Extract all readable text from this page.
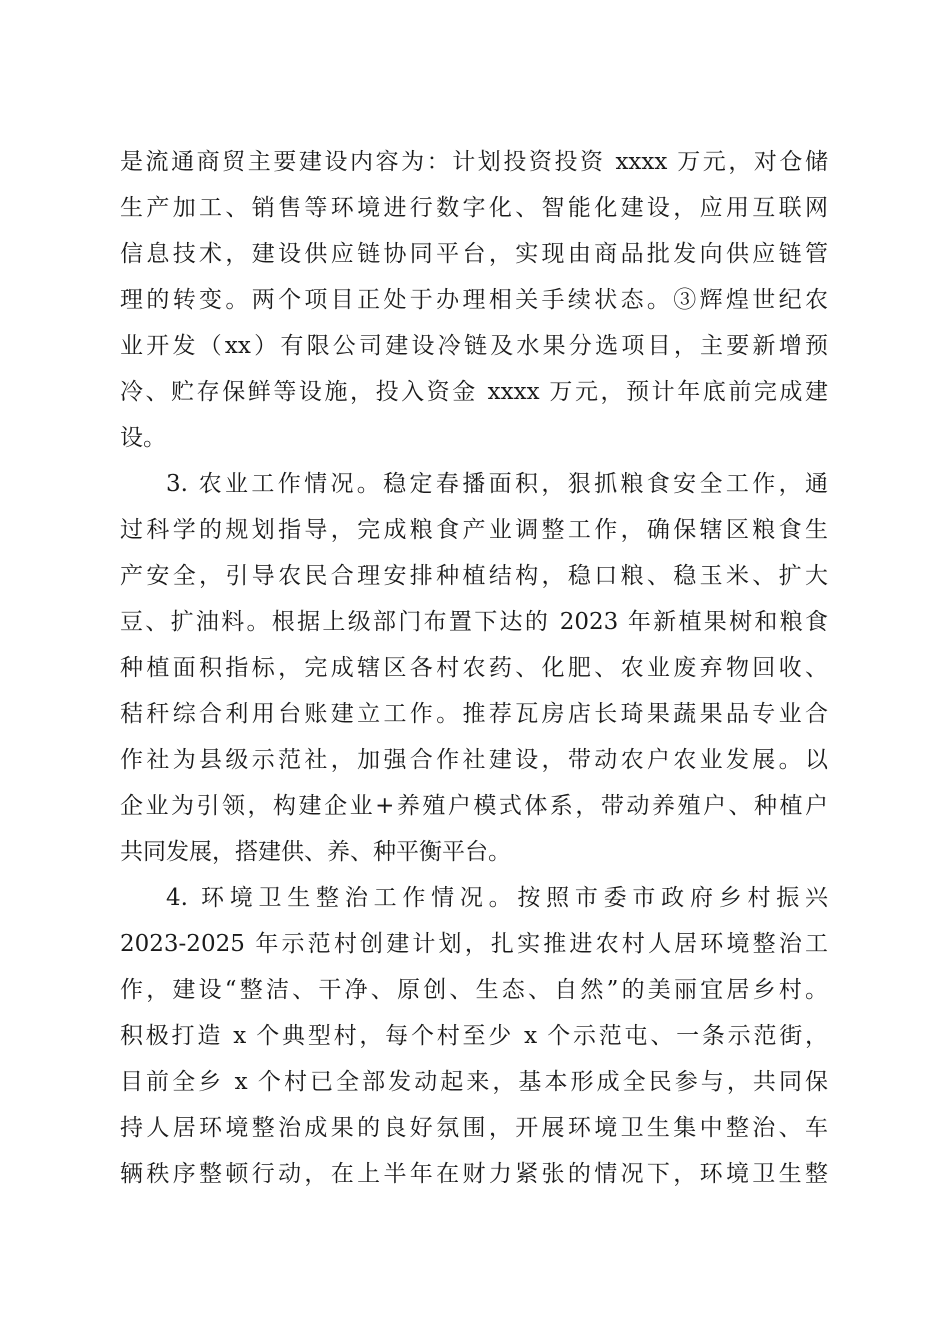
是流通商贸主要建设内容为：计划投资投资 xxxx 万元，对仓储
生产加工、销售等环境进行数字化、智能化建设，应用互联网
信息技术，建设供应链协同平台，实现由商品批发向供应链管
理的转变。两个项目正处于办理相关手续状态。③辉煌世纪农
业开发（xx）有限公司建设冷链及水果分选项目，主要新增预
冷、贮存保鲜等设施，投入资金 xxxx 万元，预计年底前完成建
设。
3. 农业工作情况。稳定春播面积，狠抓粮食安全工作，通
过科学的规划指导，完成粮食产业调整工作，确保辖区粮食生
产安全，引导农民合理安排种植结构，稳口粮、稳玉米、扩大
豆、扩油料。根据上级部门布置下达的 2023 年新植果树和粮食
种植面积指标，完成辖区各村农药、化肥、农业废弃物回收、
秸秆综合利用台账建立工作。推荐瓦房店长琦果蔬果品专业合
作社为县级示范社，加强合作社建设，带动农户农业发展。以
企业为引领，构建企业+养殖户模式体系，带动养殖户、种植户
共同发展，搭建供、养、种平衡平台。
4. 环境卫生整治工作情况。按照市委市政府乡村振兴
2023-2025 年示范村创建计划，扎实推进农村人居环境整治工
作，建设“整洁、干净、原创、生态、自然”的美丽宜居乡村。
积极打造 x 个典型村，每个村至少 x 个示范屯、一条示范街，
目前全乡 x 个村已全部发动起来，基本形成全民参与，共同保
持人居环境整治成果的良好氛围，开展环境卫生集中整治、车
辆秩序整顿行动，在上半年在财力紧张的情况下，环境卫生整
